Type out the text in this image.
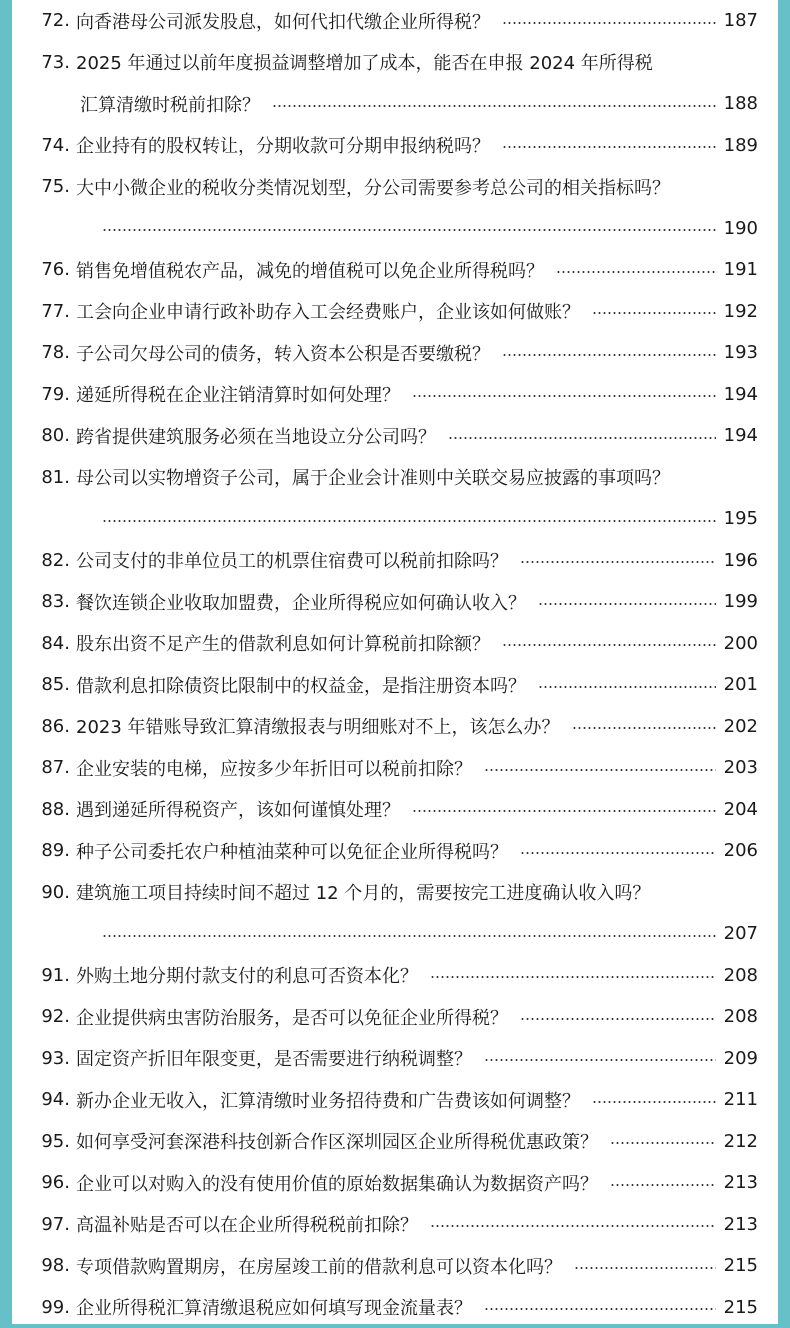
72. 向香港母公司派发股息，如何代扣代缴企业所得税？	187
73. 2025 年通过以前年度损益调整增加了成本，能否在申报 2024 年所得税
汇算清缴时税前扣除？	188
74. 企业持有的股权转让，分期收款可分期申报纳税吗？	189
75. 大中小微企业的税收分类情况划型，分公司需要参考总公司的相关指标吗？
190
76. 销售免增值税农产品，减免的增值税可以免企业所得税吗？	191
77. 工会向企业申请行政补助存入工会经费账户，企业该如何做账？	192
78. 子公司欠母公司的债务，转入资本公积是否要缴税？	193
79. 递延所得税在企业注销清算时如何处理？	194
80. 跨省提供建筑服务必须在当地设立分公司吗？	194
81. 母公司以实物增资子公司，属于企业会计准则中关联交易应披露的事项吗？
195
82. 公司支付的非单位员工的机票住宿费可以税前扣除吗？	196
83. 餐饮连锁企业收取加盟费，企业所得税应如何确认收入？	199
84. 股东出资不足产生的借款利息如何计算税前扣除额？	200
85. 借款利息扣除债资比限制中的权益金，是指注册资本吗？	201
86. 2023 年错账导致汇算清缴报表与明细账对不上，该怎么办？	202
87. 企业安装的电梯，应按多少年折旧可以税前扣除？	203
88. 遇到递延所得税资产，该如何谨慎处理？	204
89. 种子公司委托农户种植油菜种可以免征企业所得税吗？	206
90. 建筑施工项目持续时间不超过 12 个月的，需要按完工进度确认收入吗？
207
91. 外购土地分期付款支付的利息可否资本化？	208
92. 企业提供病虫害防治服务，是否可以免征企业所得税？	208
93. 固定资产折旧年限变更，是否需要进行纳税调整？	209
94. 新办企业无收入，汇算清缴时业务招待费和广告费该如何调整？	211
95. 如何享受河套深港科技创新合作区深圳园区企业所得税优惠政策？	212
96. 企业可以对购入的没有使用价值的原始数据集确认为数据资产吗？	213
97. 高温补贴是否可以在企业所得税税前扣除？	213
98. 专项借款购置期房，在房屋竣工前的借款利息可以资本化吗？	215
99. 企业所得税汇算清缴退税应如何填写现金流量表？	215
